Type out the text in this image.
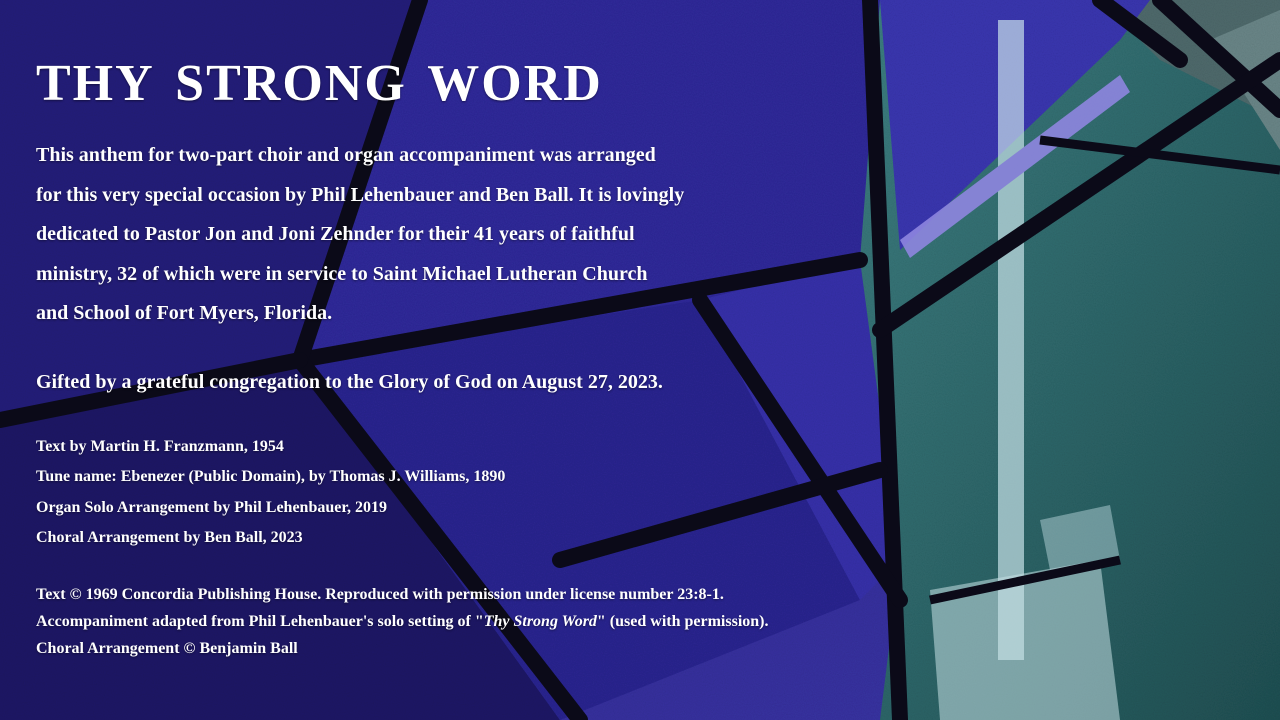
thy strong word
This anthem for two-part choir and organ accompaniment was arranged
for this very special occasion by Phil Lehenbauer and Ben Ball. It is lovingly
dedicated to Pastor Jon and Joni Zehnder for their 41 years of faithful
ministry, 32 of which were in service to Saint Michael Lutheran Church
and School of Fort Myers, Florida.
Gifted by a grateful congregation to the Glory of God on August 27, 2023.
Text by Martin H. Franzmann, 1954
Tune name: Ebenezer (Public Domain), by Thomas J. Williams, 1890
Organ Solo Arrangement by Phil Lehenbauer, 2019
Choral Arrangement by Ben Ball, 2023
Text © 1969 Concordia Publishing House. Reproduced with permission under license number 23:8-1.
Accompaniment adapted from Phil Lehenbauer's solo setting of "Thy Strong Word" (used with permission).
Choral Arrangement © Benjamin Ball
